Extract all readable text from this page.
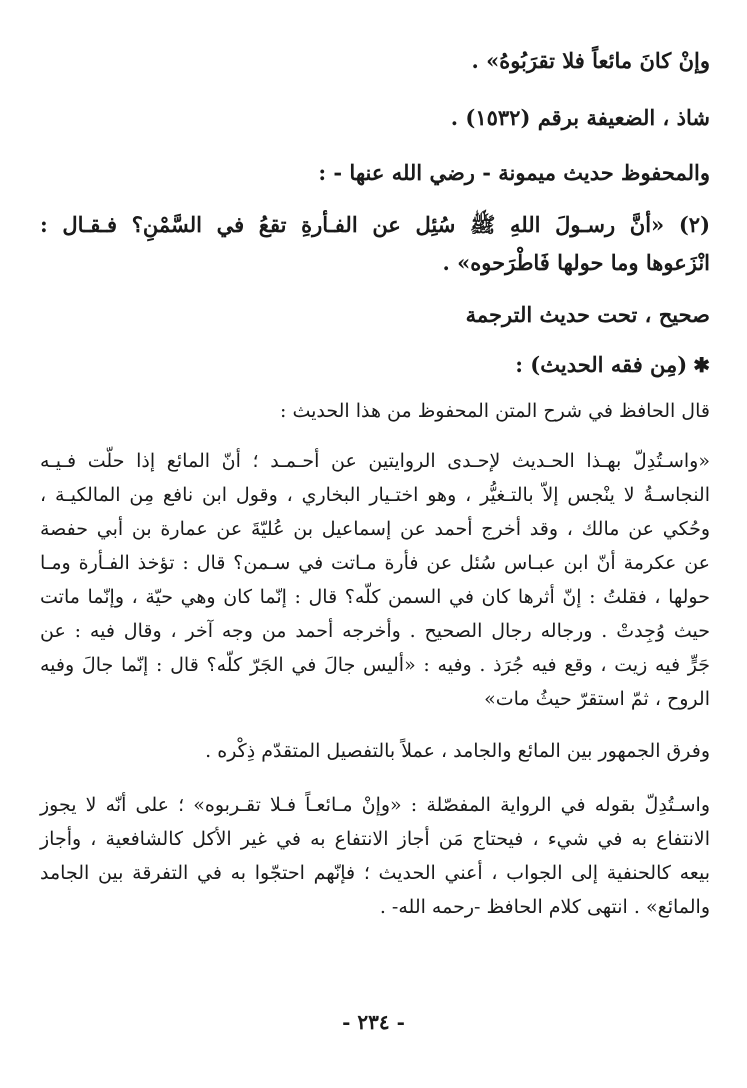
وإنْ كانَ مائعاً فلا تقرَبُوهُ» .
شاذ ، الضعيفة برقم (١٥٣٢) .
والمحفوظ حديث ميمونة - رضي الله عنها - :
(٢) «أنَّ رسـولَ اللهِ ﷺ سُئِل عن الفـأرةِ تقعُ في السَّمْنِ؟ فـقـال :
انْزَعوها وما حولها فَاطْرَحوه» .
صحيح ، تحت حديث الترجمة
✱(مِن فقه الحديث) :
قال الحافظ في شرح المتن المحفوظ من هذا الحديث :
«واسـتُدِلّ بهـذا الحـديث لإحـدى الروايتين عن أحـمـد ؛ أنّ المائع إذا حلّت فـيـه
النجاسـةُ لا ينْجس إلاّ بالتـغيُّر ، وهو اختـيار البخاري ، وقول ابن نافع مِن المالكيـة ،
وحُكي عن مالك ، وقد أخرج أحمد عن إسماعيل بن عُليّةَ عن عمارة بن أبي حفصة
عن عكرمة أنّ ابن عبـاس سُئل عن فأرة مـاتت في سـمن؟ قال : تؤخذ الفـأرة ومـا
حولها ، فقلتُ : إنّ أثرها كان في السمن كلّه؟ قال : إنّما كان وهي حيّة ، وإنّما ماتت
حيث وُجِدتْ . ورجاله رجال الصحيح . وأخرجه أحمد من وجه آخر ، وقال فيه : عن
جَرٍّ فيه زيت ، وقع فيه جُرَذ . وفيه : «أليس جالَ في الجَرّ كلّه؟ قال : إنّما جالَ وفيه
الروح ، ثمّ استقرّ حيثُ مات»
وفرق الجمهور بين المائع والجامد ، عملاً بالتفصيل المتقدّم ذِكْره .
واسـتُدِلّ بقوله في الرواية المفصّلة : «وإنْ مـائعـاً فـلا تقـربوه» ؛ على أنّه لا يجوز
الانتفاع به في شيء ، فيحتاج مَن أجاز الانتفاع به في غير الأكل كالشافعية ، وأجاز
بيعه كالحنفية إلى الجواب ، أعني الحديث ؛ فإنّهم احتجّوا به في التفرقة بين الجامد
والمائع» . انتهى كلام الحافظ -رحمه الله- .
- ٢٣٤ -
